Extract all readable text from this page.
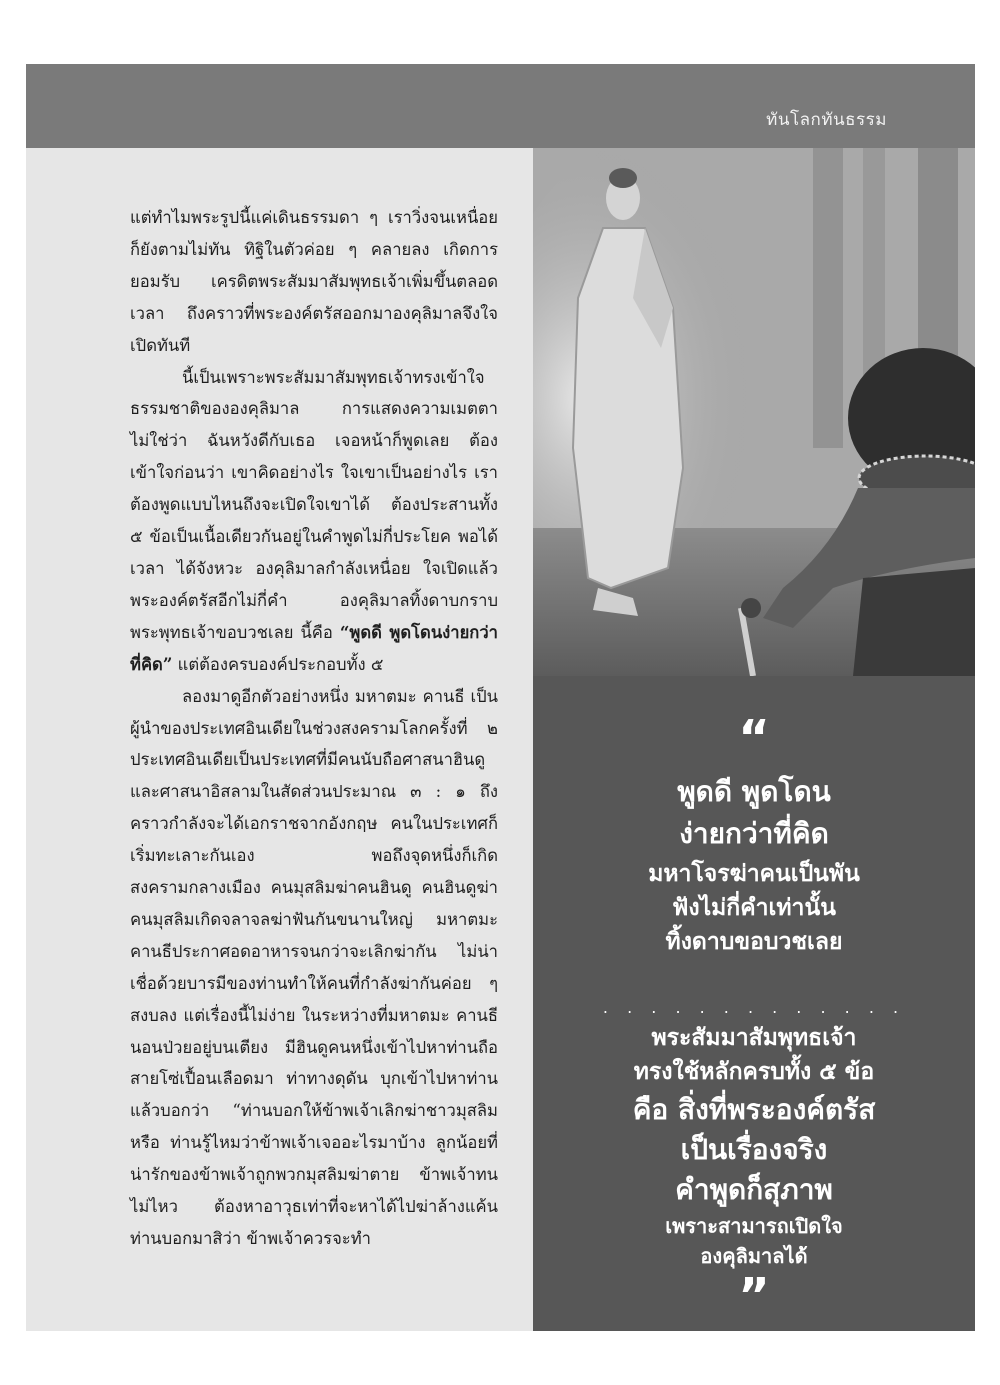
ทันโลกทันธรรม

แต่ทำไมพระรูปนี้แค่เดินธรรมดา ๆ เราวิ่งจนเหนื่อยก็ยังตามไม่ทัน ทิฐิในตัวค่อย ๆ คลายลง เกิดการยอมรับ เครดิตพระสัมมาสัมพุทธเจ้าเพิ่มขึ้นตลอดเวลา ถึงคราวที่พระองค์ตรัสออกมาองคุลิมาลจึงใจเปิดทันที

นี้เป็นเพราะพระสัมมาสัมพุทธเจ้าทรงเข้าใจธรรมชาติขององคุลิมาล การแสดงความเมตตาไม่ใช่ว่า ฉันหวังดีกับเธอ เจอหน้าก็พูดเลย ต้องเข้าใจก่อนว่า เขาคิดอย่างไร ใจเขาเป็นอย่างไร เราต้องพูดแบบไหนถึงจะเปิดใจเขาได้ ต้องประสานทั้ง ๕ ข้อเป็นเนื้อเดียวกันอยู่ในคำพูดไม่กี่ประโยค พอได้เวลา ได้จังหวะ องคุลิมาลกำลังเหนื่อย ใจเปิดแล้ว พระองค์ตรัสอีกไม่กี่คำ องคุลิมาลทิ้งดาบกราบพระพุทธเจ้าขอบวชเลย นี้คือ “พูดดี พูดโดนง่ายกว่าที่คิด” แต่ต้องครบองค์ประกอบทั้ง ๕

ลองมาดูอีกตัวอย่างหนึ่ง มหาตมะ คานธี เป็นผู้นำของประเทศอินเดียในช่วงสงครามโลกครั้งที่ ๒ ประเทศอินเดียเป็นประเทศที่มีคนนับถือศาสนาฮินดูและศาสนาอิสลามในสัดส่วนประมาณ ๓ : ๑ ถึงคราวกำลังจะได้เอกราชจากอังกฤษ คนในประเทศก็เริ่มทะเลาะกันเอง พอถึงจุดหนึ่งก็เกิดสงครามกลางเมือง คนมุสลิมฆ่าคนฮินดู คนฮินดูฆ่าคนมุสลิมเกิดจลาจลฆ่าฟันกันขนานใหญ่ มหาตมะ คานธีประกาศอดอาหารจนกว่าจะเลิกฆ่ากัน ไม่น่าเชื่อด้วยบารมีของท่านทำให้คนที่กำลังฆ่ากันค่อย ๆ สงบลง แต่เรื่องนี้ไม่ง่าย ในระหว่างที่มหาตมะ คานธีนอนป่วยอยู่บนเตียง มีฮินดูคนหนึ่งเข้าไปหาท่านถือสายโซ่เปื้อนเลือดมา ท่าทางดุดัน บุกเข้าไปหาท่านแล้วบอกว่า “ท่านบอกให้ข้าพเจ้าเลิกฆ่าชาวมุสลิมหรือ ท่านรู้ไหมว่าข้าพเจ้าเจออะไรมาบ้าง ลูกน้อยที่น่ารักของข้าพเจ้าถูกพวกมุสลิมฆ่าตาย ข้าพเจ้าทนไม่ไหว ต้องหาอาวุธเท่าที่จะหาได้ไปฆ่าล้างแค้น ท่านบอกมาสิว่า ข้าพเจ้าควรจะทำ

“
พูดดี พูดโดน
ง่ายกว่าที่คิด
มหาโจรฆ่าคนเป็นพัน
ฟังไม่กี่คำเท่านั้น
ทิ้งดาบขอบวชเลย
. . . . . . . . . . . . .
พระสัมมาสัมพุทธเจ้า
ทรงใช้หลักครบทั้ง ๕ ข้อ
คือ สิ่งที่พระองค์ตรัส
เป็นเรื่องจริง
คำพูดก็สุภาพ
เพราะสามารถเปิดใจ
องคุลิมาลได้
”
